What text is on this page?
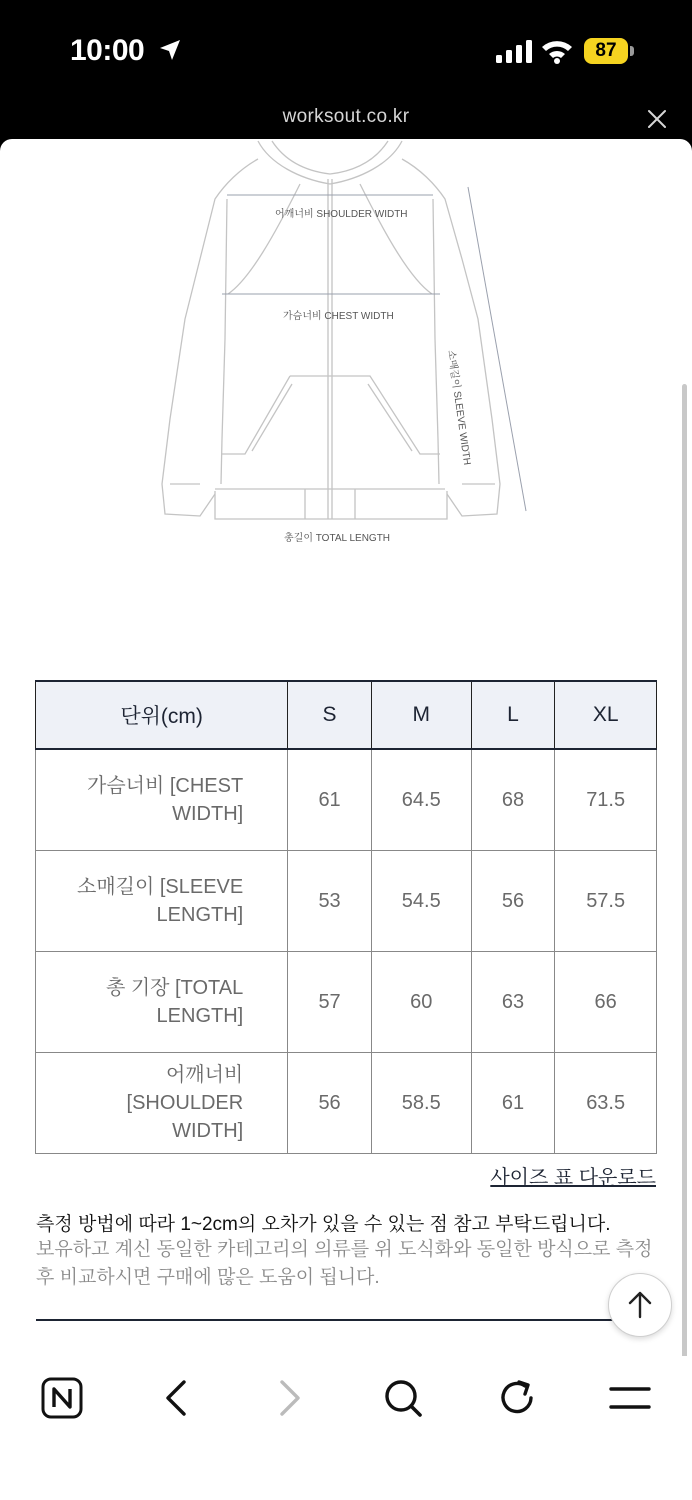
10:00	87
worksout.co.kr
어깨너비 SHOULDER WIDTH
가슴너비 CHEST WIDTH
소매길이 SLEEVE WIDTH
총길이 TOTAL LENGTH
단위(cm)	S	M	L	XL
가슴너비 [CHEST WIDTH]	61	64.5	68	71.5
소매길이 [SLEEVE LENGTH]	53	54.5	56	57.5
총 기장 [TOTAL LENGTH]	57	60	63	66
어깨너비 [SHOULDER WIDTH]	56	58.5	61	63.5
사이즈 표 다운로드
측정 방법에 따라 1~2cm의 오차가 있을 수 있는 점 참고 부탁드립니다.
보유하고 계신 동일한 카테고리의 의류를 위 도식화와 동일한 방식으로 측정 후 비교하시면 구매에 많은 도움이 됩니다.
